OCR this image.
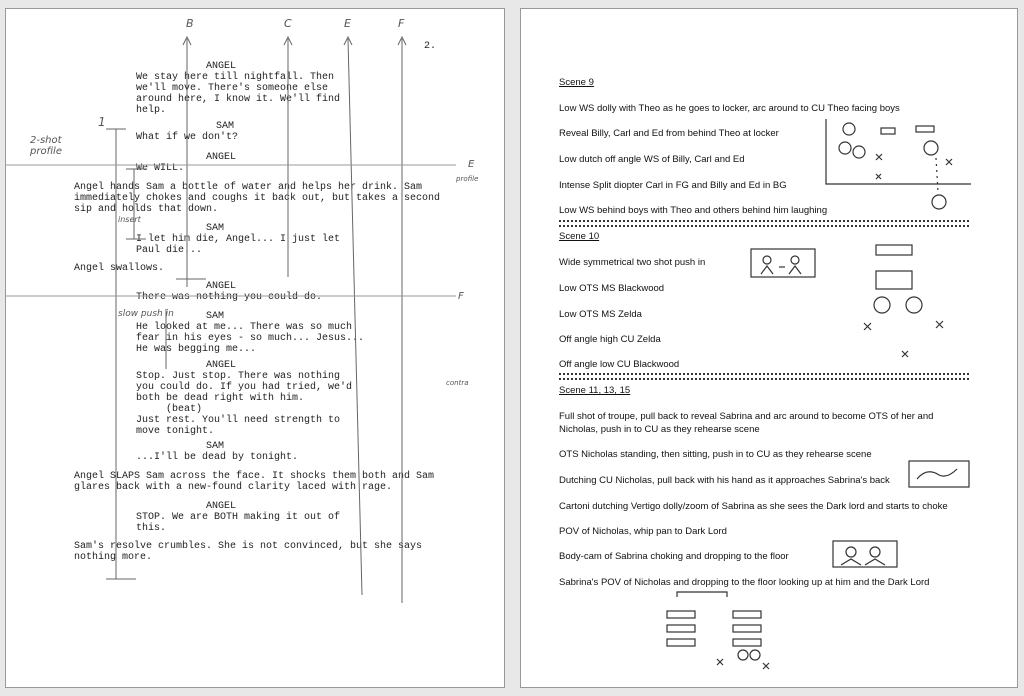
2.
ANGEL
We stay here till nightfall. Then
we'll move. There's someone else
around here, I know it. We'll find
help.
SAM
What if we don't?
ANGEL
We WILL.
Angel hands Sam a bottle of water and helps her drink. Sam
immediately chokes and coughs it back out, but takes a second
sip and holds that down.
SAM
I let him die, Angel... I just let
Paul die...
Angel swallows.
ANGEL
There was nothing you could do.
SAM
He looked at me... There was so much
fear in his eyes - so much... Jesus...
He was begging me...
ANGEL
Stop. Just stop. There was nothing
you could do. If you had tried, we'd
both be dead right with him.
(beat)
Just rest. You'll need strength to
move tonight.
SAM
...I'll be dead by tonight.
Angel SLAPS Sam across the face. It shocks them both and Sam
glares back with a new-found clarity laced with rage.
ANGEL
STOP. We are BOTH making it out of
this.
Sam's resolve crumbles. She is not convinced, but she says
nothing more.
B	C	E	F
2-shot
profile
1
insert
slow push in
E
F
profile
contra
Scene 9
Low WS dolly with Theo as he goes to locker, arc around to CU Theo facing boys
Reveal Billy, Carl and Ed from behind Theo at locker
Low dutch off angle WS of Billy, Carl and Ed
Intense Split diopter Carl in FG and Billy and Ed in BG
Low WS behind boys with Theo and others behind him laughing
Scene 10
Wide symmetrical two shot push in
Low OTS MS Blackwood
Low OTS MS Zelda
Off angle high CU Zelda
Off angle low CU Blackwood
Scene 11, 13, 15
Full shot of troupe, pull back to reveal Sabrina and arc around to become OTS of her and
Nicholas, push in to CU as they rehearse scene
OTS Nicholas standing, then sitting, push in to CU as they rehearse scene
Dutching CU Nicholas, pull back with his hand as it approaches Sabrina's back
Cartoni dutching Vertigo dolly/zoom of Sabrina as she sees the Dark lord and starts to choke
POV of Nicholas, whip pan to Dark Lord
Body-cam of Sabrina choking and dropping to the floor
Sabrina's POV of Nicholas and dropping to the floor looking up at him and the Dark Lord
